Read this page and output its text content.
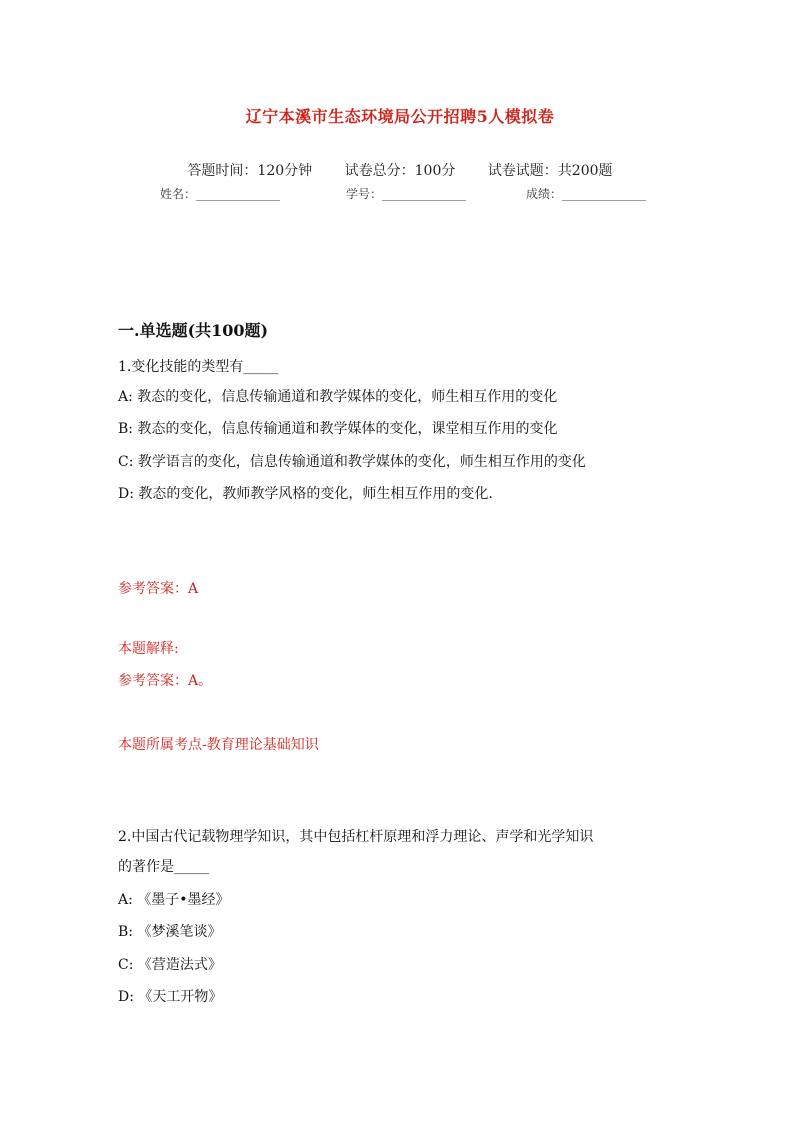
辽宁本溪市生态环境局公开招聘5人模拟卷
答题时间：120分钟 试卷总分：100分 试卷试题：共200题
姓名：______________	学号：______________	成绩：______________
一.单选题(共100题)
1.变化技能的类型有_____
A: 教态的变化，信息传输通道和教学媒体的变化，师生相互作用的变化
B: 教态的变化，信息传输通道和教学媒体的变化，课堂相互作用的变化
C: 教学语言的变化，信息传输通道和教学媒体的变化，师生相互作用的变化
D: 教态的变化，教师教学风格的变化，师生相互作用的变化.
参考答案：A
本题解释:
参考答案：A。
本题所属考点-教育理论基础知识
2.中国古代记载物理学知识，其中包括杠杆原理和浮力理论、声学和光学知识
的著作是_____
A: 《墨子•墨经》
B: 《梦溪笔谈》
C: 《营造法式》
D: 《天工开物》
